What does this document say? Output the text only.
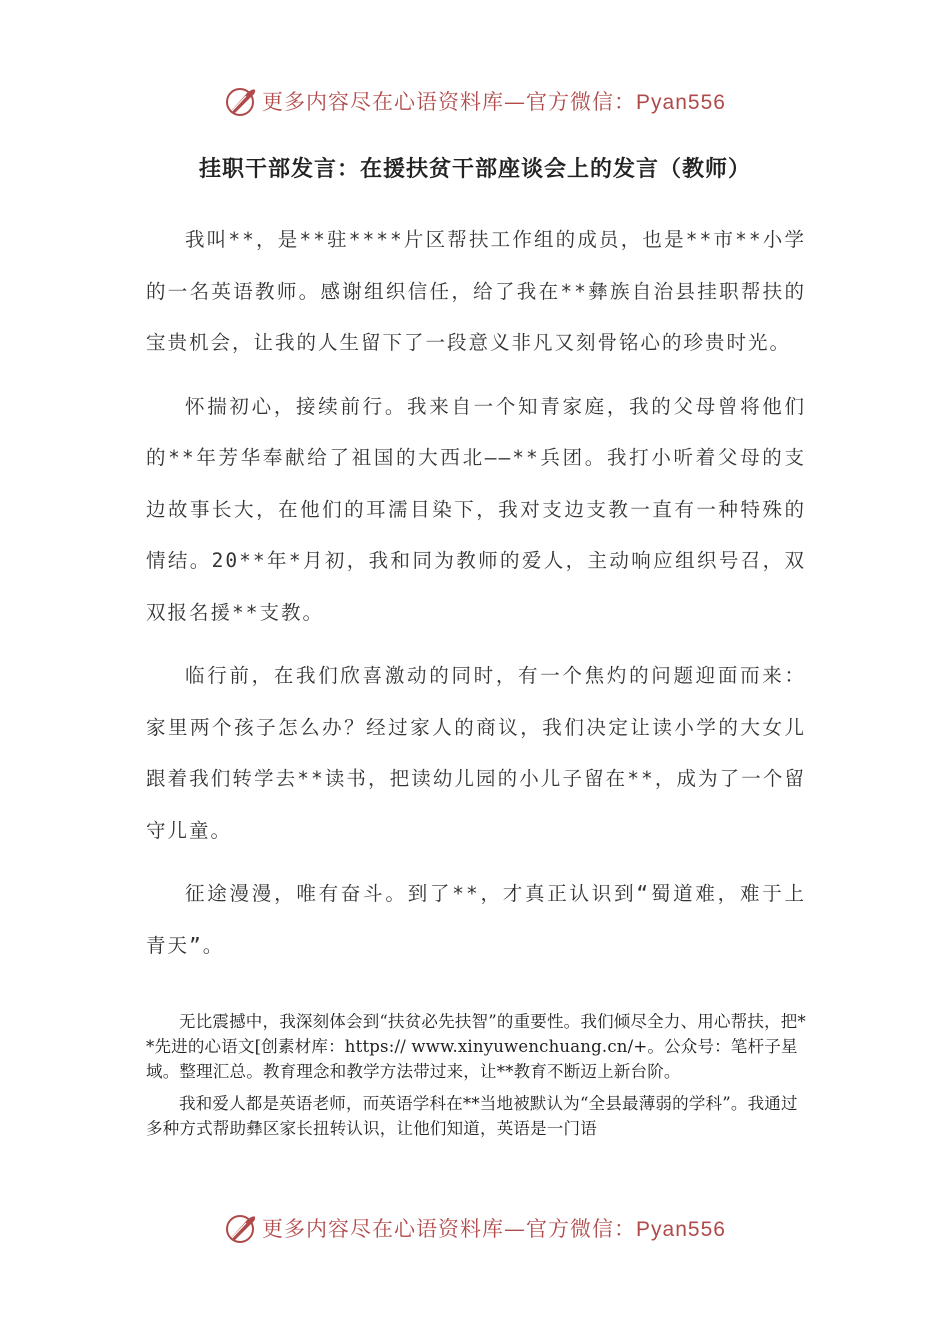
更多内容尽在心语资料库—官方微信：Pyan556
挂职干部发言：在援扶贫干部座谈会上的发言（教师）

我叫**，是**驻****片区帮扶工作组的成员，也是**市**小学的一名英语教师。感谢组织信任，给了我在**彝族自治县挂职帮扶的宝贵机会，让我的人生留下了一段意义非凡又刻骨铭心的珍贵时光。

怀揣初心，接续前行。我来自一个知青家庭，我的父母曾将他们的**年芳华奉献给了祖国的大西北——**兵团。我打小听着父母的支边故事长大，在他们的耳濡目染下，我对支边支教一直有一种特殊的情结。20**年*月初，我和同为教师的爱人，主动响应组织号召，双双报名援**支教。

临行前，在我们欣喜激动的同时，有一个焦灼的问题迎面而来：家里两个孩子怎么办？经过家人的商议，我们决定让读小学的大女儿跟着我们转学去**读书，把读幼儿园的小儿子留在**，成为了一个留守儿童。

征途漫漫，唯有奋斗。到了**，才真正认识到“蜀道难，难于上青天”。

无比震撼中，我深刻体会到“扶贫必先扶智”的重要性。我们倾尽全力、用心帮扶，把**先进的心语文[创素材库：https:// www.xinyuwenchuang.cn/+。公众号：笔杆子星域。整理汇总。教育理念和教学方法带过来，让**教育不断迈上新台阶。

我和爱人都是英语老师，而英语学科在**当地被默认为“全县最薄弱的学科”。我通过多种方式帮助彝区家长扭转认识，让他们知道，英语是一门语

更多内容尽在心语资料库—官方微信：Pyan556
